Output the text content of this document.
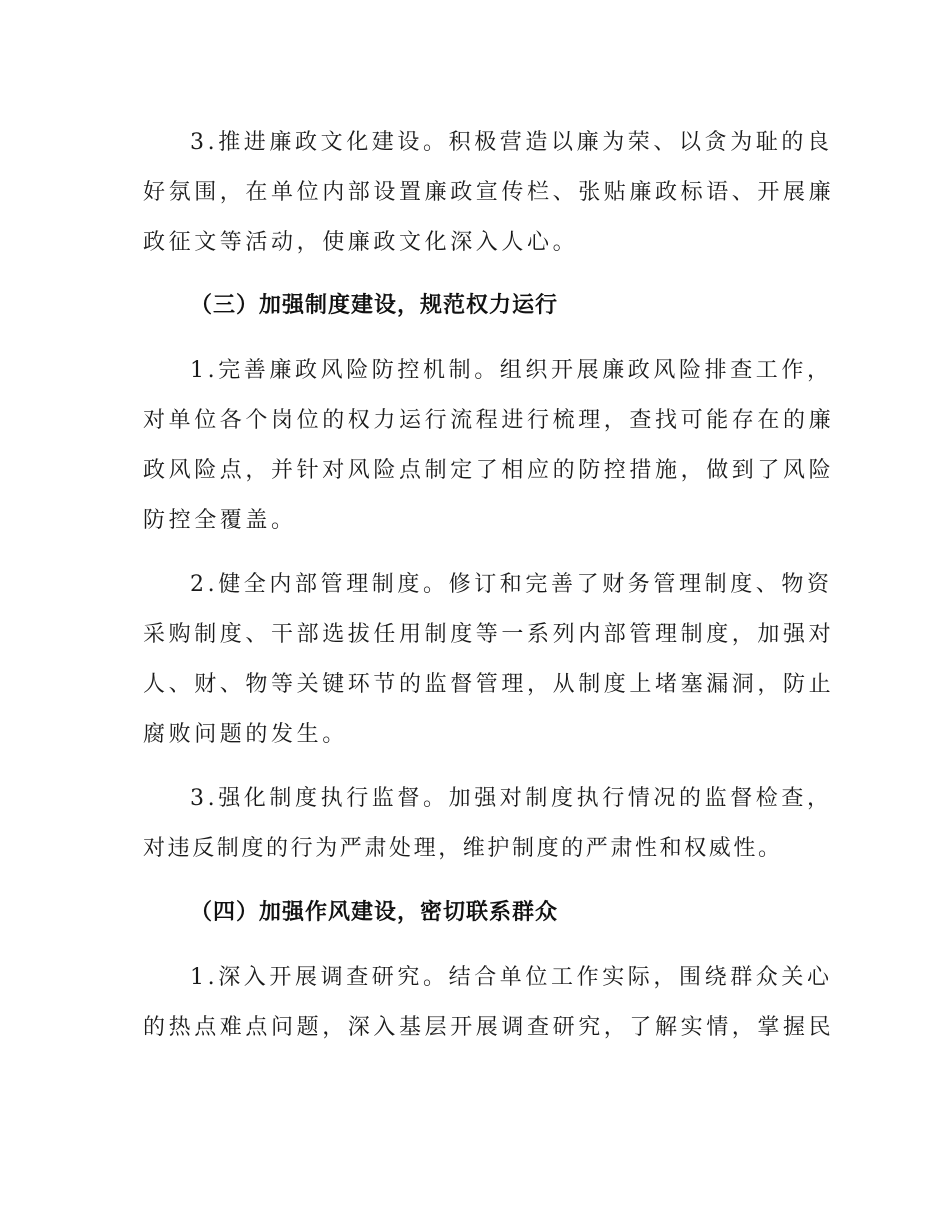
3.推进廉政文化建设。积极营造以廉为荣、以贪为耻的良
好氛围，在单位内部设置廉政宣传栏、张贴廉政标语、开展廉
政征文等活动，使廉政文化深入人心。
（三）加强制度建设，规范权力运行
1.完善廉政风险防控机制。组织开展廉政风险排查工作，
对单位各个岗位的权力运行流程进行梳理，查找可能存在的廉
政风险点，并针对风险点制定了相应的防控措施，做到了风险
防控全覆盖。
2.健全内部管理制度。修订和完善了财务管理制度、物资
采购制度、干部选拔任用制度等一系列内部管理制度，加强对
人、财、物等关键环节的监督管理，从制度上堵塞漏洞，防止
腐败问题的发生。
3.强化制度执行监督。加强对制度执行情况的监督检查，
对违反制度的行为严肃处理，维护制度的严肃性和权威性。
（四）加强作风建设，密切联系群众
1.深入开展调查研究。结合单位工作实际，围绕群众关心
的热点难点问题，深入基层开展调查研究，了解实情，掌握民
